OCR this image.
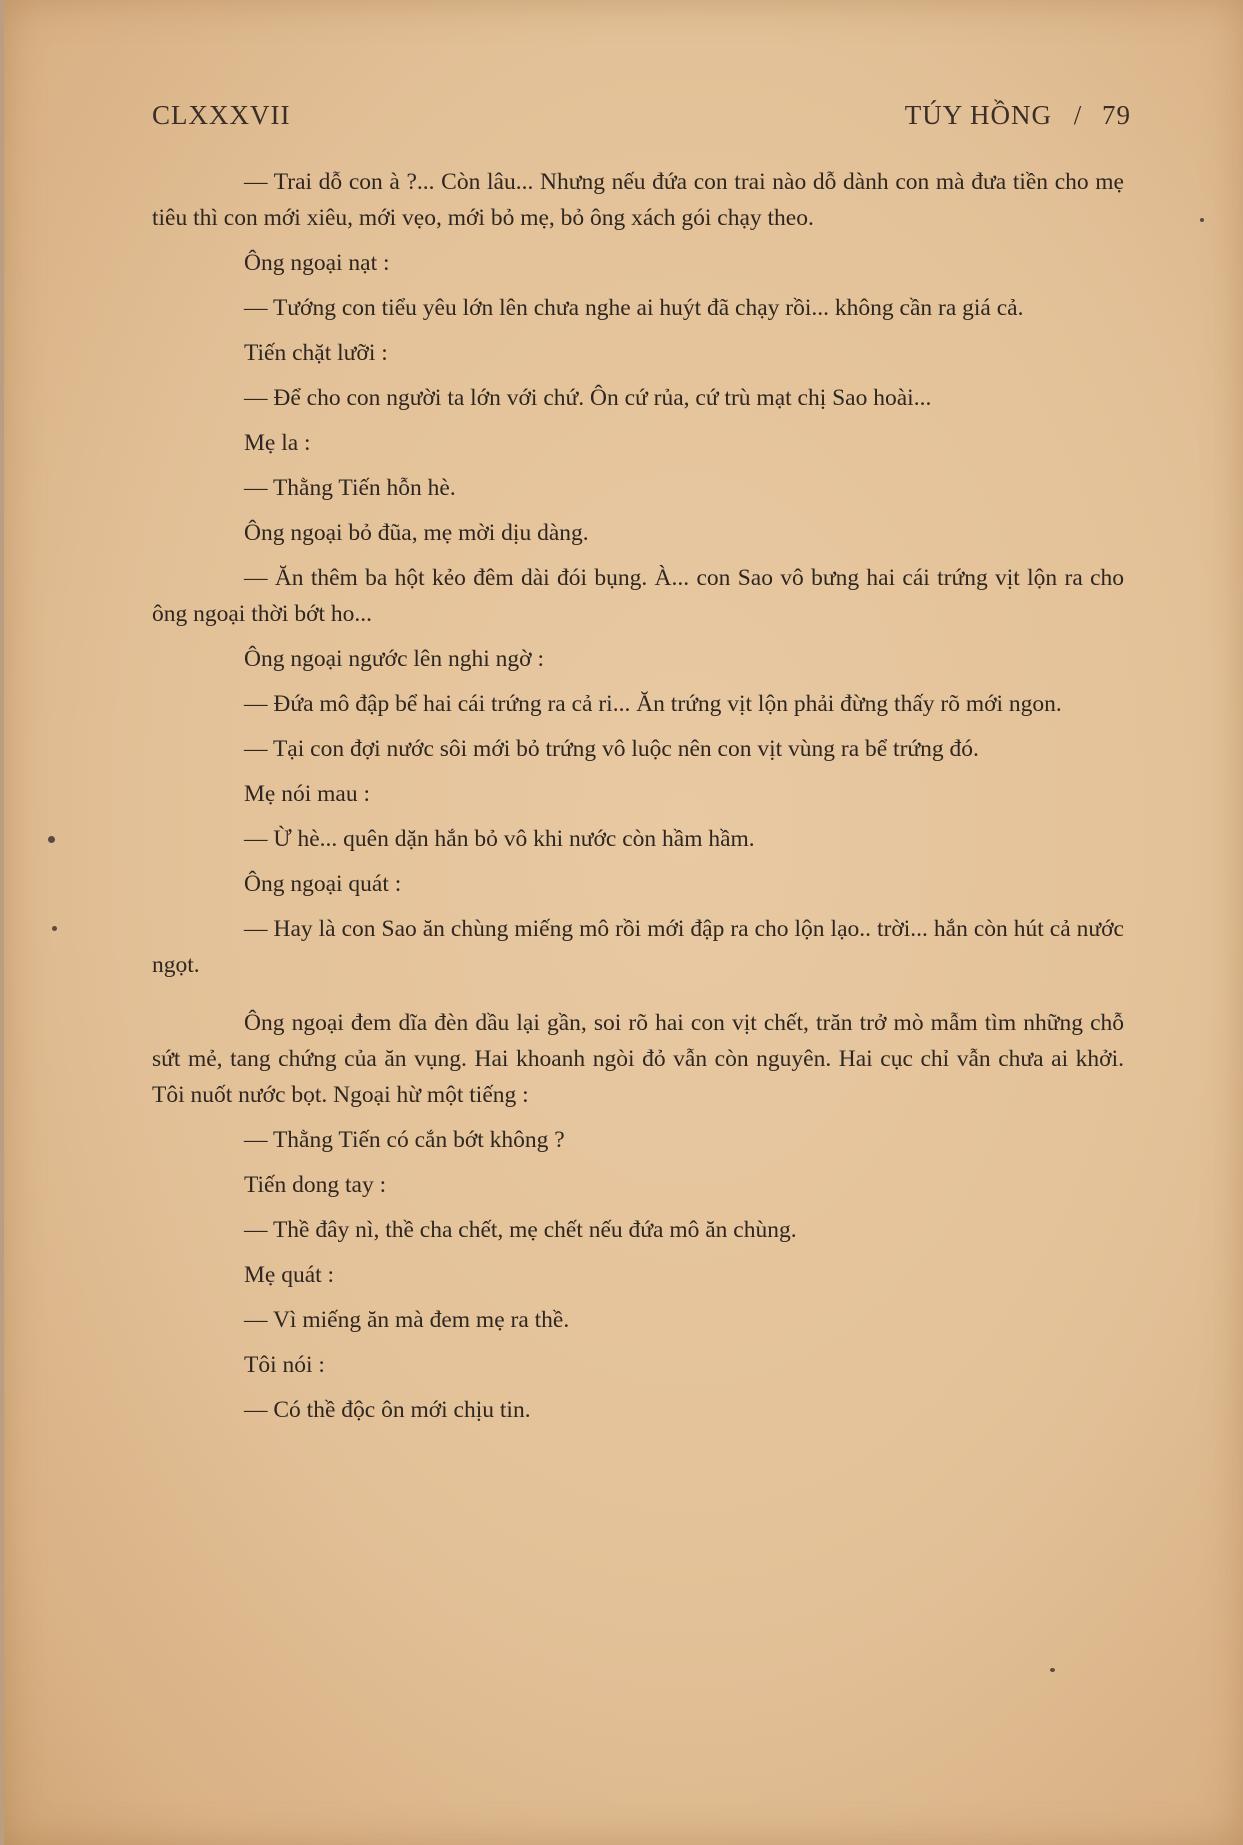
CLXXXVII	TÚY HỒNG / 79

— Trai dỗ con à ?... Còn lâu... Nhưng nếu đứa con trai nào dỗ dành con mà đưa tiền cho mẹ tiêu thì con mới xiêu, mới vẹo, mới bỏ mẹ, bỏ ông xách gói chạy theo.

Ông ngoại nạt :

— Tướng con tiểu yêu lớn lên chưa nghe ai huýt đã chạy rồi... không cần ra giá cả.

Tiến chặt lưỡi :

— Để cho con người ta lớn với chứ. Ôn cứ rủa, cứ trù mạt chị Sao hoài...

Mẹ la :

— Thằng Tiến hỗn hè.

Ông ngoại bỏ đũa, mẹ mời dịu dàng.

— Ăn thêm ba hột kẻo đêm dài đói bụng. À... con Sao vô bưng hai cái trứng vịt lộn ra cho ông ngoại thời bớt ho...

Ông ngoại ngước lên nghi ngờ :

— Đứa mô đập bể hai cái trứng ra cả ri... Ăn trứng vịt lộn phải đừng thấy rõ mới ngon.

— Tại con đợi nước sôi mới bỏ trứng vô luộc nên con vịt vùng ra bể trứng đó.

Mẹ nói mau :

— Ừ hè... quên dặn hắn bỏ vô khi nước còn hầm hầm.

Ông ngoại quát :

— Hay là con Sao ăn chùng miếng mô rồi mới đập ra cho lộn lạo.. trời... hắn còn hút cả nước ngọt.

Ông ngoại đem dĩa đèn dầu lại gần, soi rõ hai con vịt chết, trăn trở mò mẫm tìm những chỗ sứt mẻ, tang chứng của ăn vụng. Hai khoanh ngòi đỏ vẫn còn nguyên. Hai cục chỉ vẫn chưa ai khởi. Tôi nuốt nước bọt. Ngoại hừ một tiếng :

— Thằng Tiến có cắn bớt không ?

Tiến dong tay :

— Thề đây nì, thề cha chết, mẹ chết nếu đứa mô ăn chùng.

Mẹ quát :

— Vì miếng ăn mà đem mẹ ra thề.

Tôi nói :

— Có thề độc ôn mới chịu tin.
